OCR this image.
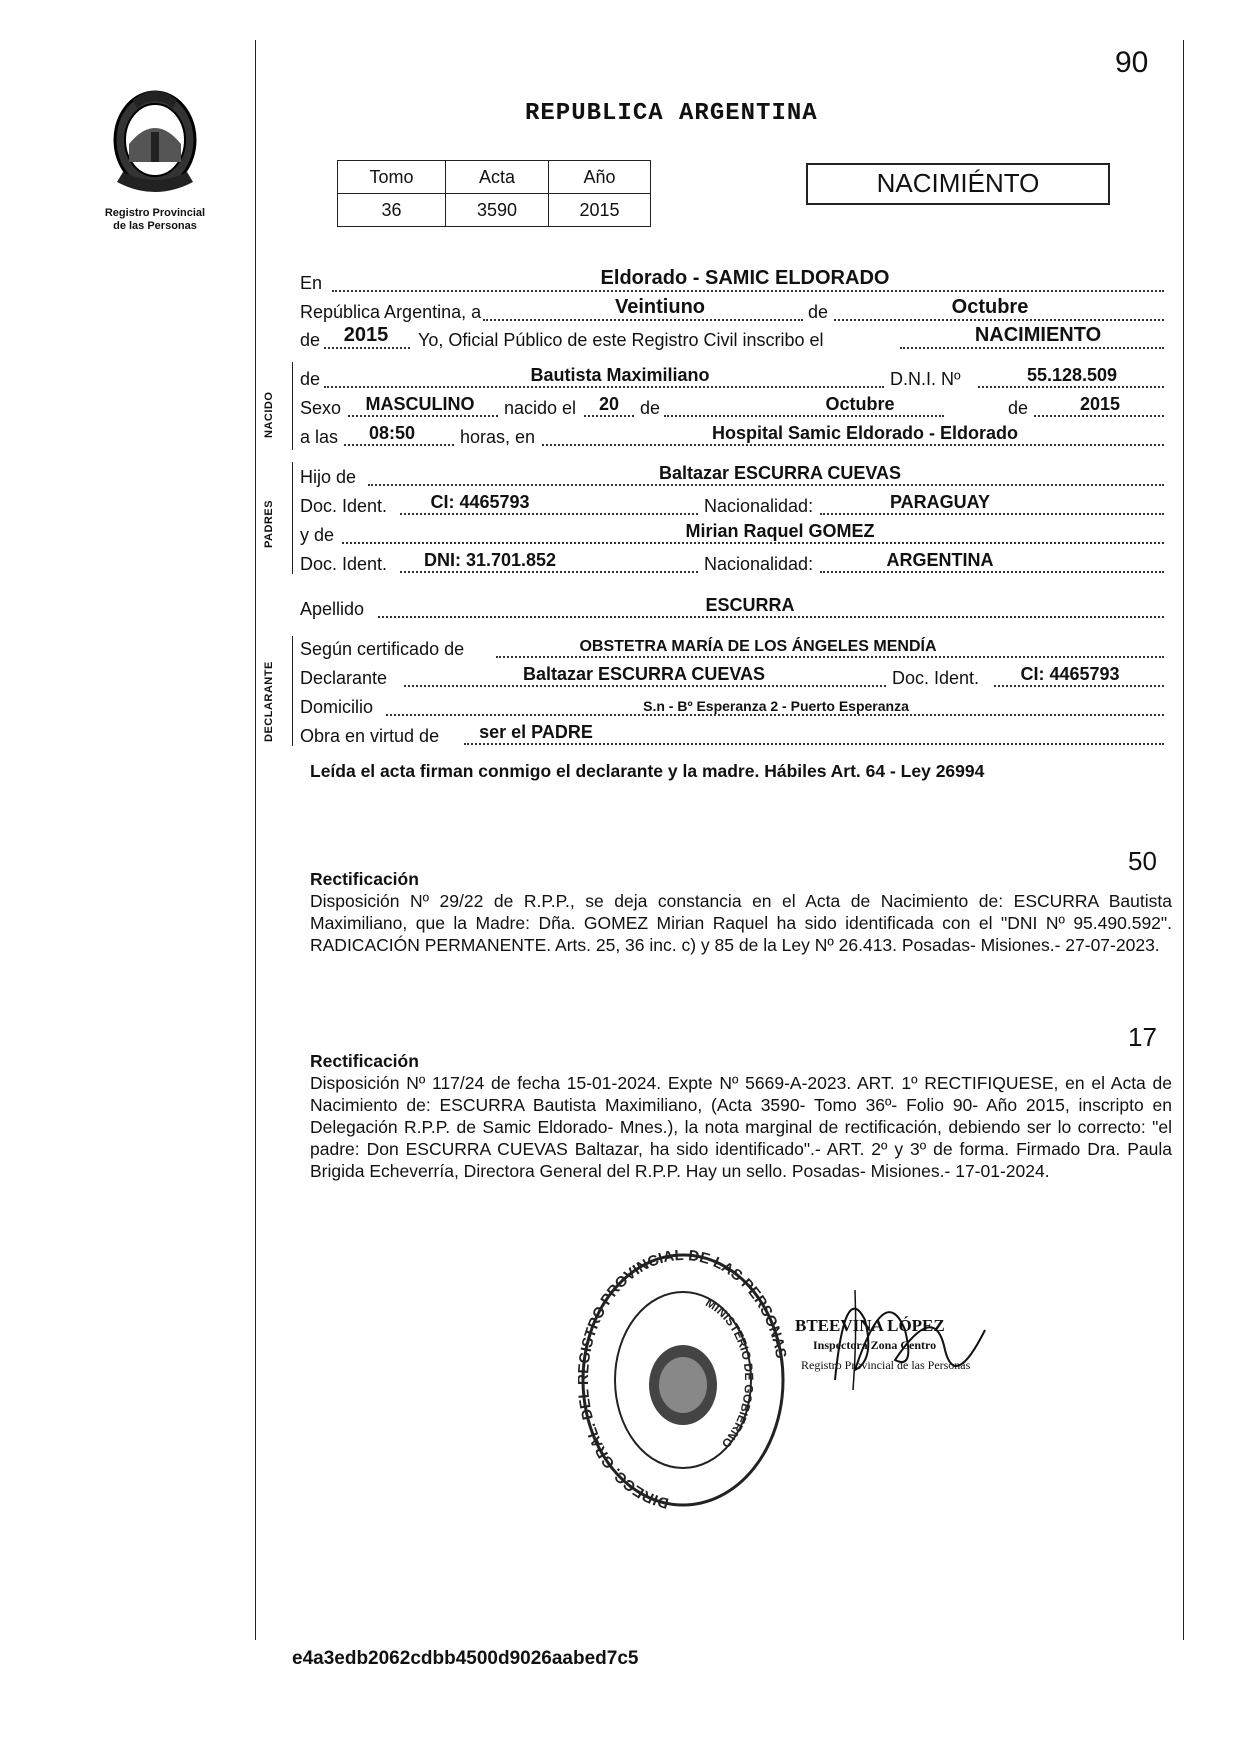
90
Registro Provincial
de las Personas
REPUBLICA ARGENTINA
Tomo	Acta	Año
36	3590	2015
NACIMIÉNTO
En	Eldorado - SAMIC ELDORADO
República Argentina, a	Veintiuno	de	Octubre
de 2015 Yo, Oficial Público de este Registro Civil inscribo el	NACIMIENTO
NACIDO
de	Bautista Maximiliano	D.N.I. Nº	55.128.509
Sexo MASCULINO nacido el 20 de	Octubre	de	2015
a las 08:50 horas, en	Hospital Samic Eldorado - Eldorado
PADRES
Hijo de	Baltazar ESCURRA CUEVAS
Doc. Ident. CI: 4465793	Nacionalidad:	PARAGUAY
y de	Mirian Raquel GOMEZ
Doc. Ident. DNI: 31.701.852	Nacionalidad:	ARGENTINA
Apellido	ESCURRA
DECLARANTE
Según certificado de	OBSTETRA MARÍA DE LOS ÁNGELES MENDÍA
Declarante	Baltazar ESCURRA CUEVAS	Doc. Ident. CI: 4465793
Domicilio	S.n - Bº Esperanza 2 - Puerto Esperanza
Obra en virtud de ser el PADRE
Leída el acta firman conmigo el declarante y la madre. Hábiles Art. 64 - Ley 26994
50
Rectificación
Disposición Nº 29/22 de R.P.P., se deja constancia en el Acta de Nacimiento de: ESCURRA Bautista Maximiliano, que la Madre: Dña. GOMEZ Mirian Raquel ha sido identificada con el "DNI Nº 95.490.592". RADICACIÓN PERMANENTE. Arts. 25, 36 inc. c) y 85 de la Ley Nº 26.413. Posadas- Misiones.- 27-07-2023.
17
Rectificación
Disposición Nº 117/24 de fecha 15-01-2024. Expte Nº 5669-A-2023. ART. 1º RECTIFIQUESE, en el Acta de Nacimiento de: ESCURRA Bautista Maximiliano, (Acta 3590- Tomo 36º- Folio 90- Año 2015, inscripto en Delegación R.P.P. de Samic Eldorado- Mnes.), la nota marginal de rectificación, debiendo ser lo correcto: "el padre: Don ESCURRA CUEVAS Baltazar, ha sido identificado".- ART. 2º y 3º de forma. Firmado Dra. Paula Brigida Echeverría, Directora General del R.P.P. Hay un sello. Posadas- Misiones.- 17-01-2024.
DIRECC. GRAL. DE ISTRO PROVINCIAL DE LAS PERSONAS
MINISTERIO DE GOBIERNO
BTEEVINA LÓPEZ
Inspectora Zona Centro
Registro Provincial de las Personas
e4a3edb2062cdbb4500d9026aabed7c5
